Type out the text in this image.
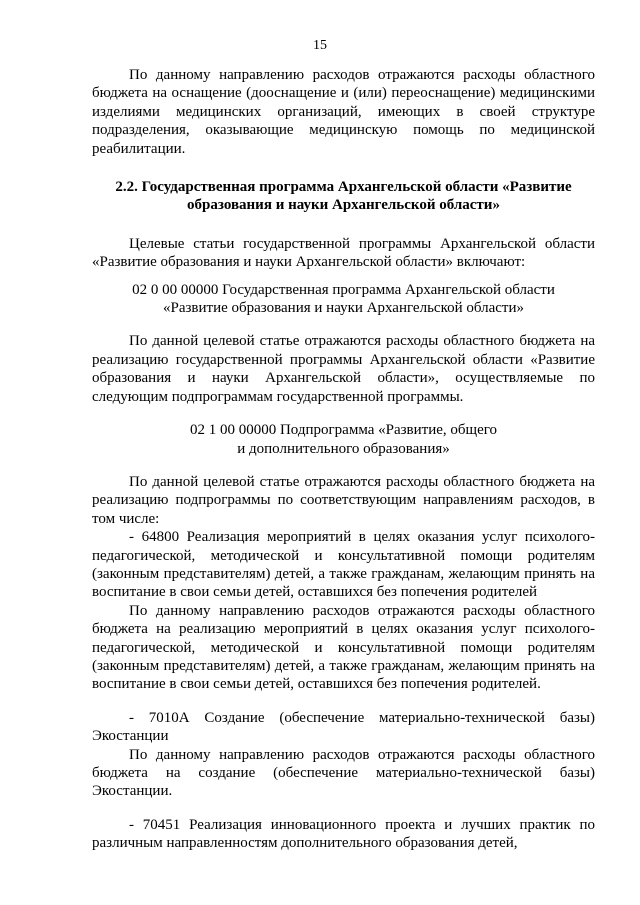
15

По данному направлению расходов отражаются расходы областного бюджета на оснащение (дооснащение и (или) переоснащение) медицинскими изделиями медицинских организаций, имеющих в своей структуре подразделения, оказывающие медицинскую помощь по медицинской реабилитации.

2.2. Государственная программа Архангельской области «Развитие образования и науки Архангельской области»

Целевые статьи государственной программы Архангельской области «Развитие образования и науки Архангельской области» включают:

02 0 00 00000 Государственная программа Архангельской области

«Развитие образования и науки Архангельской области»

По данной целевой статье отражаются расходы областного бюджета на реализацию государственной программы Архангельской области «Развитие образования и науки Архангельской области», осуществляемые по следующим подпрограммам государственной программы.

02 1 00 00000 Подпрограмма «Развитие, общего

и дополнительного образования»

По данной целевой статье отражаются расходы областного бюджета на реализацию подпрограммы по соответствующим направлениям расходов, в том числе:

- 64800 Реализация мероприятий в целях оказания услуг психолого-педагогической, методической и консультативной помощи родителям (законным представителям) детей, а также гражданам, желающим принять на воспитание в свои семьи детей, оставшихся без попечения родителей

По данному направлению расходов отражаются расходы областного бюджета на реализацию мероприятий в целях оказания услуг психолого-педагогической, методической и консультативной помощи родителям (законным представителям) детей, а также гражданам, желающим принять на воспитание в свои семьи детей, оставшихся без попечения родителей.

- 7010А Создание (обеспечение материально-технической базы) Экостанции

По данному направлению расходов отражаются расходы областного бюджета на создание (обеспечение материально-технической базы) Экостанции.

- 70451 Реализация инновационного проекта и лучших практик по различным направленностям дополнительного образования детей,
